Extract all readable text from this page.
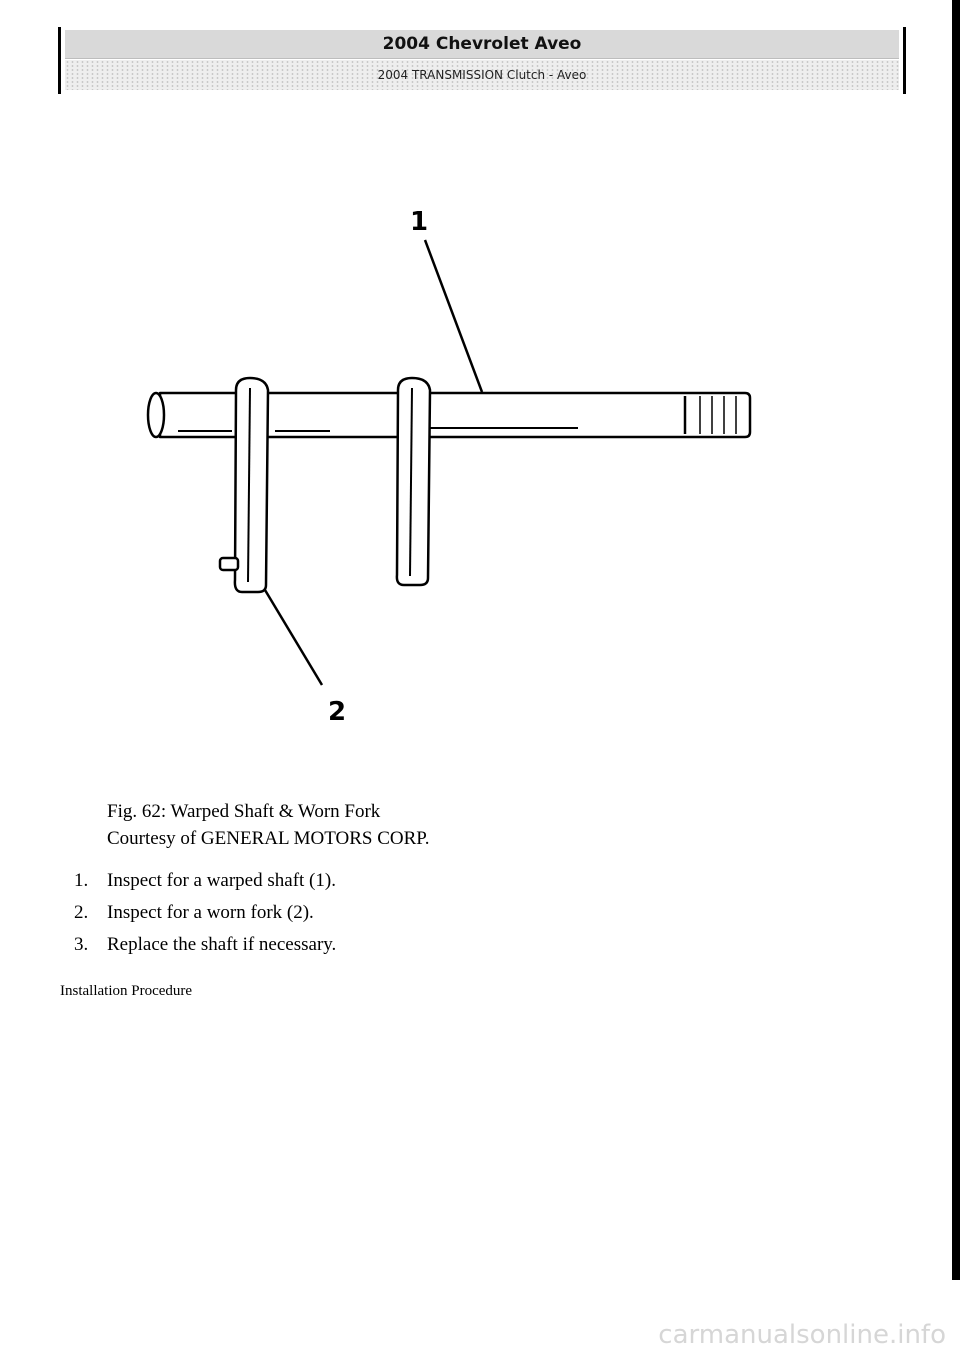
2004 Chevrolet Aveo
2004 TRANSMISSION Clutch - Aveo
1
2
Fig. 62: Warped Shaft & Worn Fork
Courtesy of GENERAL MOTORS CORP.
1. Inspect for a warped shaft (1).
2. Inspect for a worn fork (2).
3. Replace the shaft if necessary.
Installation Procedure
carmanualsonline.info
